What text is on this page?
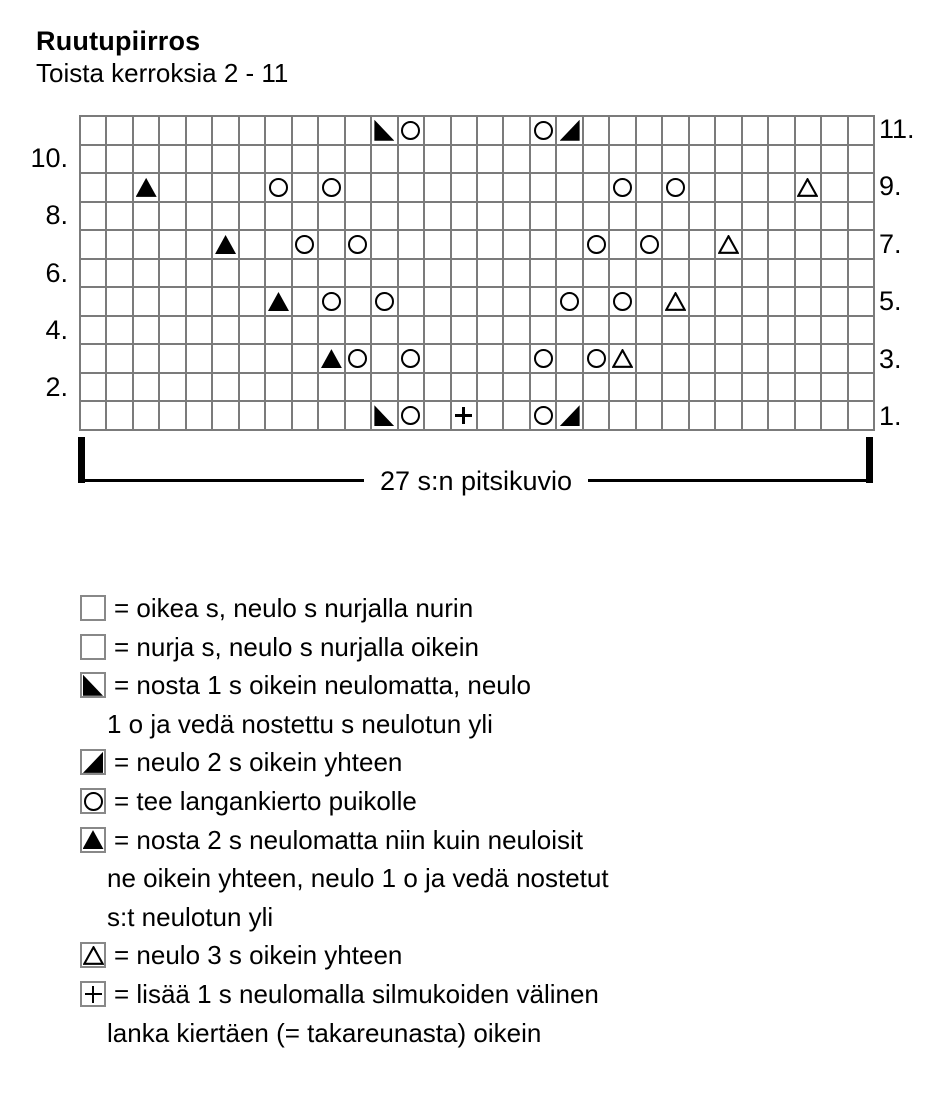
Ruutupiirros
Toista kerroksia 2 - 11
11.
10.
9.
8.
7.
6.
5.
4.
3.
2.
1.
27 s:n pitsikuvio
= oikea s, neulo s nurjalla nurin
= nurja s, neulo s nurjalla oikein
= nosta 1 s oikein neulomatta, neulo
1 o ja vedä nostettu s neulotun yli
= neulo 2 s oikein yhteen
= tee langankierto puikolle
= nosta 2 s neulomatta niin kuin neuloisit
ne oikein yhteen, neulo 1 o ja vedä nostetut
s:t neulotun yli
= neulo 3 s oikein yhteen
= lisää 1 s neulomalla silmukoiden välinen
lanka kiertäen (= takareunasta) oikein
